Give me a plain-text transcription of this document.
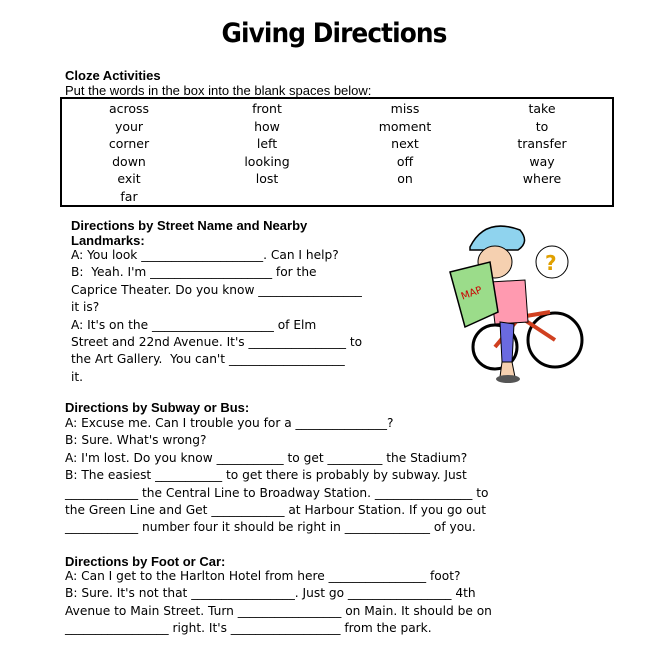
Giving Directions
Cloze Activities
Put the words in the box into the blank spaces below:
across	front	miss	take
your	how	moment	to
corner	left	next	transfer
down	looking	off	way
exit	lost	on	where
far
Directions by Street Name and Nearby
Landmarks:
A: You look ____________________. Can I help?
B:  Yeah. I'm ____________________ for the
Caprice Theater. Do you know _________________
it is?
A: It's on the ____________________ of Elm
Street and 22nd Avenue. It's ________________ to
the Art Gallery.  You can't ___________________
it.
Directions by Subway or Bus:
A: Excuse me. Can I trouble you for a _______________?
B: Sure. What's wrong?
A: I'm lost. Do you know ___________ to get _________ the Stadium?
B: The easiest ___________ to get there is probably by subway. Just
____________ the Central Line to Broadway Station. ________________ to
the Green Line and Get ____________ at Harbour Station. If you go out
____________ number four it should be right in ______________ of you.
Directions by Foot or Car:
A: Can I get to the Harlton Hotel from here ________________ foot?
B: Sure. It's not that _________________. Just go _________________ 4th
Avenue to Main Street. Turn _________________ on Main. It should be on
_________________ right. It's __________________ from the park.
MAP
?
